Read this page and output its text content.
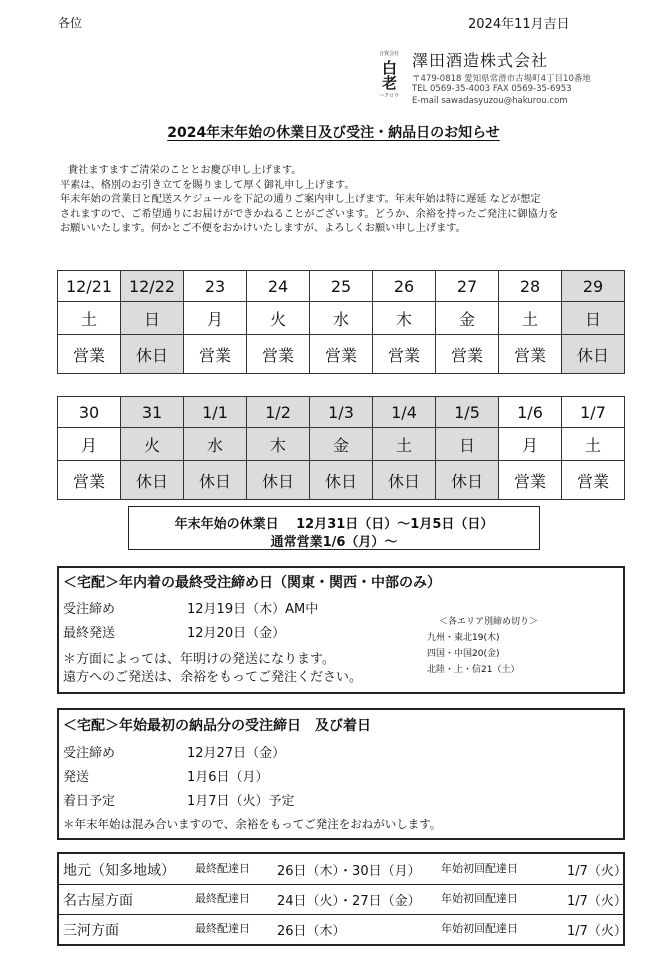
各位	2024年11月吉日
合資会社
白老
ハクロウ
澤田酒造株式会社
〒479-0818 愛知県常滑市古場町4丁目10番地
TEL 0569-35-4003 FAX 0569-35-6953
E-mail sawadasyuzou@hakurou.com
2024年末年始の休業日及び受注・納品日のお知らせ

貴社ますますご清栄のこととお慶び申し上げます。

平素は、格別のお引き立てを賜りまして厚く御礼申し上げます。

年末年始の営業日と配送スケジュールを下記の通りご案内申し上げます。年末年始は特に遅延 などが想定

されますので、ご希望通りにお届けができかねることがございます。どうか、余裕を持ったご発注に御協力を

お願いいたします。何かとご不便をおかけいたしますが、よろしくお願い申し上げます。

12/21	12/22	23	24	25	26	27	28	29
土	日	月	火	水	木	金	土	日
営業	休日	営業	営業	営業	営業	営業	営業	休日
30	31	1/1	1/2	1/3	1/4	1/5	1/6	1/7
月	火	水	木	金	土	日	月	土
営業	休日	休日	休日	休日	休日	休日	営業	営業
年末年始の休業日　 12月31日（日）～1月5日（日）
通常営業1/6（月）～
＜宅配＞年内着の最終受注締め日（関東・関西・中部のみ）
受注締め	12月19日（木）AM中
最終発送	12月20日（金）
＊方面によっては、年明けの発送になります。
遠方へのご発送は、余裕をもってご発注ください。
＜各エリア別締め切り＞
九州・東北19(木)
四国・中国20(金)
北陸・上・信21（土）
＜宅配＞年始最初の納品分の受注締日　及び着日
受注締め	12月27日（金）
発送	1月6日（月）
着日予定	1月7日（火）予定
＊年末年始は混み合いますので、余裕をもってご発注をおねがいします。
地元（知多地域） 最終配達日 26日（木）・30日（月） 年始初回配達日	1/7（火）
名古屋方面	最終配達日 24日（火）・27日（金） 年始初回配達日	1/7（火）
三河方面	最終配達日 26日（木）	年始初回配達日	1/7（火）
